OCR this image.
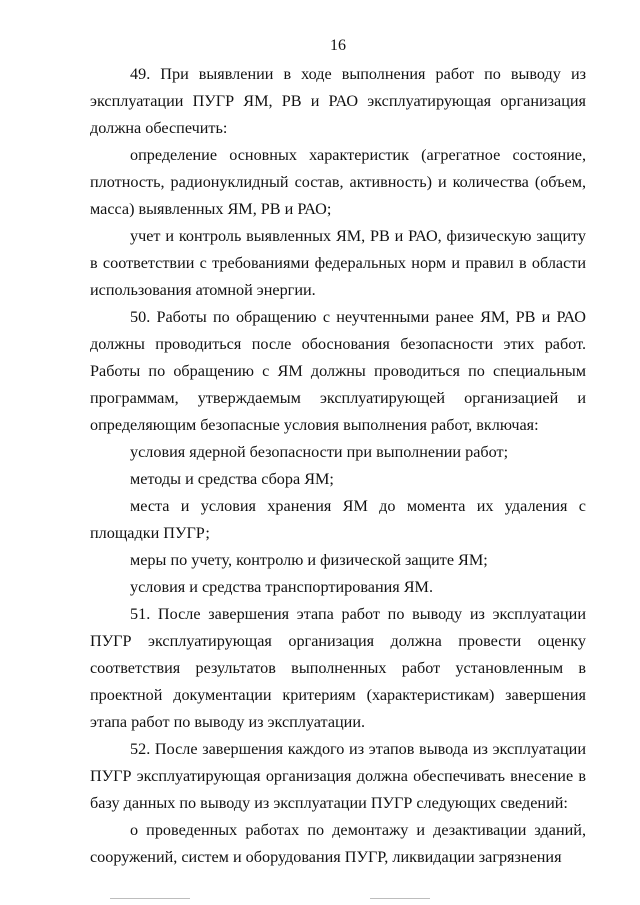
16

49. При выявлении в ходе выполнения работ по выводу из эксплуатации ПУГР ЯМ, РВ и РАО эксплуатирующая организация должна обеспечить:

определение основных характеристик (агрегатное состояние, плотность, радионуклидный состав, активность) и количества (объем, масса) выявленных ЯМ, РВ и РАО;

учет и контроль выявленных ЯМ, РВ и РАО, физическую защиту в соответствии с требованиями федеральных норм и правил в области использования атомной энергии.

50. Работы по обращению с неучтенными ранее ЯМ, РВ и РАО должны проводиться после обоснования безопасности этих работ. Работы по обращению с ЯМ должны проводиться по специальным программам, утверждаемым эксплуатирующей организацией и определяющим безопасные условия выполнения работ, включая:

условия ядерной безопасности при выполнении работ;

методы и средства сбора ЯМ;

места и условия хранения ЯМ до момента их удаления с площадки ПУГР;

меры по учету, контролю и физической защите ЯМ;

условия и средства транспортирования ЯМ.

51. После завершения этапа работ по выводу из эксплуатации ПУГР эксплуатирующая организация должна провести оценку соответствия результатов выполненных работ установленным в проектной документации критериям (характеристикам) завершения этапа работ по выводу из эксплуатации.

52. После завершения каждого из этапов вывода из эксплуатации ПУГР эксплуатирующая организация должна обеспечивать внесение в базу данных по выводу из эксплуатации ПУГР следующих сведений:

о проведенных работах по демонтажу и дезактивации зданий, сооружений, систем и оборудования ПУГР, ликвидации загрязнения
